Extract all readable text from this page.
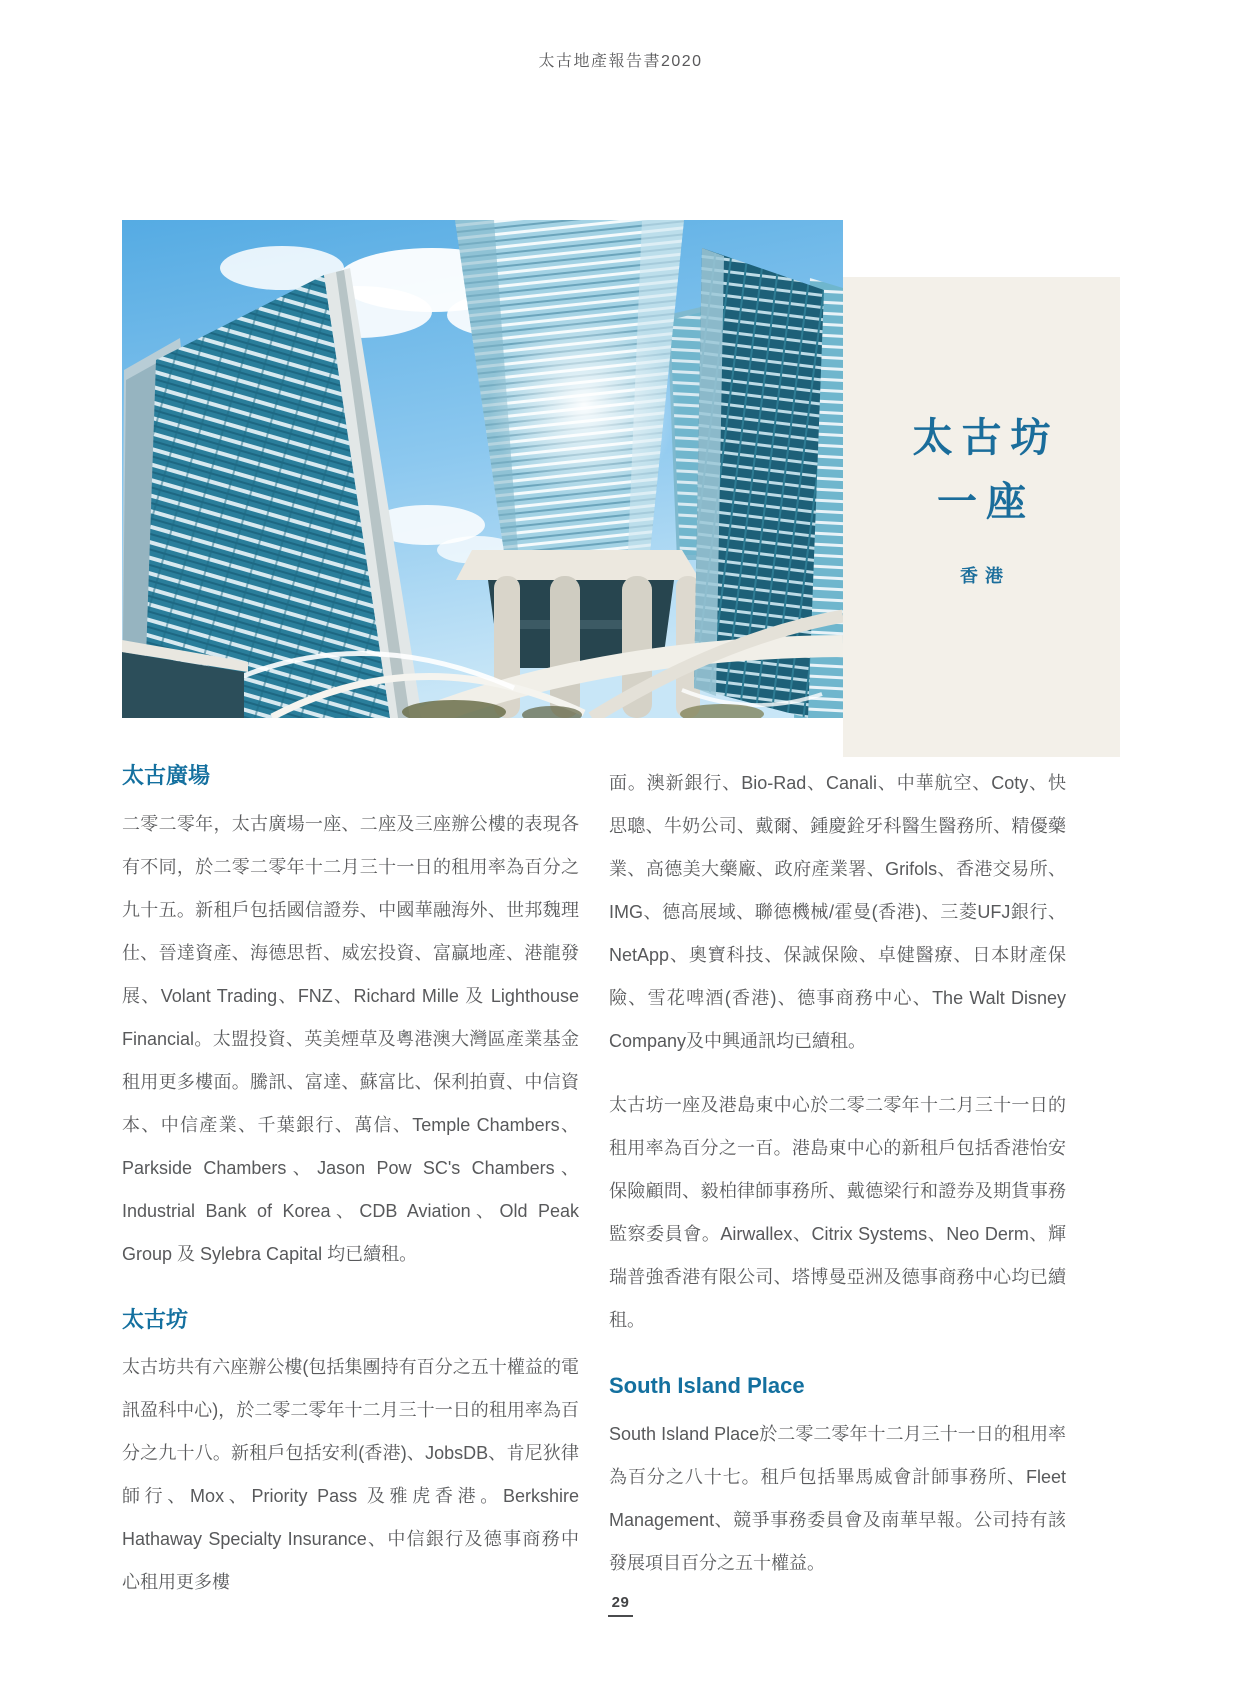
太古地產報告書2020
太古坊
一座
香港
太古廣場

二零二零年，太古廣場一座、二座及三座辦公樓的表現各有不同，於二零二零年十二月三十一日的租用率為百分之九十五。新租戶包括國信證券、中國華融海外、世邦魏理仕、晉達資產、海德思哲、威宏投資、富贏地產、港龍發展、Volant Trading、FNZ、Richard Mille 及 Lighthouse Financial。太盟投資、英美煙草及粵港澳大灣區產業基金租用更多樓面。騰訊、富達、蘇富比、保利拍賣、中信資本、中信產業、千葉銀行、萬信、Temple Chambers、Parkside Chambers、Jason Pow SC's Chambers、Industrial Bank of Korea、CDB Aviation、Old Peak Group 及 Sylebra Capital 均已續租。

太古坊

太古坊共有六座辦公樓(包括集團持有百分之五十權益的電訊盈科中心)，於二零二零年十二月三十一日的租用率為百分之九十八。新租戶包括安利(香港)、JobsDB、肯尼狄律師行、Mox、Priority Pass 及雅虎香港。Berkshire Hathaway Specialty Insurance、中信銀行及德事商務中心租用更多樓

面。澳新銀行、Bio-Rad、Canali、中華航空、Coty、快思聰、牛奶公司、戴爾、鍾慶銓牙科醫生醫務所、精優藥業、高德美大藥廠、政府產業署、Grifols、香港交易所、IMG、德高展域、聯德機械/霍曼(香港)、三菱UFJ銀行、NetApp、奧寶科技、保誠保險、卓健醫療、日本財產保險、雪花啤酒(香港)、德事商務中心、The Walt Disney Company及中興通訊均已續租。

太古坊一座及港島東中心於二零二零年十二月三十一日的租用率為百分之一百。港島東中心的新租戶包括香港怡安保險顧問、毅柏律師事務所、戴德梁行和證券及期貨事務監察委員會。Airwallex、Citrix Systems、Neo Derm、輝瑞普強香港有限公司、塔博曼亞洲及德事商務中心均已續租。

South Island Place

South Island Place於二零二零年十二月三十一日的租用率為百分之八十七。租戶包括畢馬威會計師事務所、Fleet Management、競爭事務委員會及南華早報。公司持有該發展項目百分之五十權益。

29
